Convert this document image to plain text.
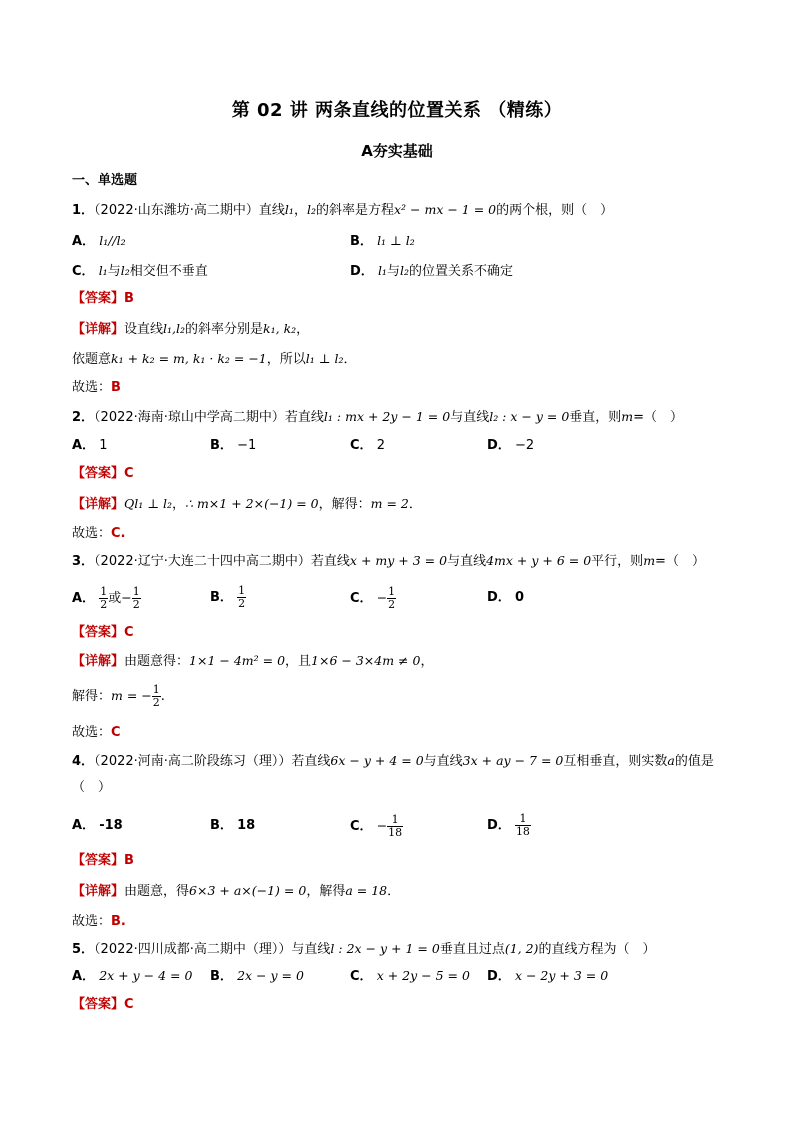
第 02 讲 两条直线的位置关系 （精练）
A夯实基础
一、单选题
1．（2022·山东潍坊·高二期中）直线l₁，l₂的斜率是方程x² − mx − 1 = 0的两个根，则（　）
A． l₁//l₂	B． l₁ ⊥ l₂
C． l₁与l₂相交但不垂直	D． l₁与l₂的位置关系不确定
【答案】B
【详解】设直线l₁,l₂的斜率分别是k₁, k₂，
依题意k₁ + k₂ = m, k₁ · k₂ = −1，所以l₁ ⊥ l₂．
故选：B
2．（2022·海南·琼山中学高二期中）若直线l₁ : mx + 2y − 1 = 0与直线l₂ : x − y = 0垂直，则m=（　）
A． 1	B． −1	C． 2	D． −2
【答案】C
【详解】Ql₁ ⊥ l₂，∴ m×1 + 2×(−1) = 0，解得：m = 2．
故选：C.
3．（2022·辽宁·大连二十四中高二期中）若直线x + my + 3 = 0与直线4mx + y + 6 = 0平行，则m=（　）
A． $\frac{1}{2}$ 或− $\frac{1}{2}$	B． $\frac{1}{2}$	C． − $\frac{1}{2}$	D． 0
【答案】C
【详解】由题意得：1×1 − 4m² = 0，且1×6 − 3×4m ≠ 0，
解得：m = − $\frac{1}{2}$ .
故选：C
4．（2022·河南·高二阶段练习（理））若直线6x − y + 4 = 0与直线3x + ay − 7 = 0互相垂直，则实数a的值是
（　）
A． -18	B． 18	C． − $\frac{1}{18}$	D． $\frac{1}{18}$
【答案】B
【详解】由题意，得6×3 + a×(−1) = 0，解得a = 18．
故选：B.
5．（2022·四川成都·高二期中（理））与直线l : 2x − y + 1 = 0垂直且过点(1, 2)的直线方程为（　）
A． 2x + y − 4 = 0 B． 2x − y = 0	C． x + 2y − 5 = 0 D． x − 2y + 3 = 0
【答案】C
